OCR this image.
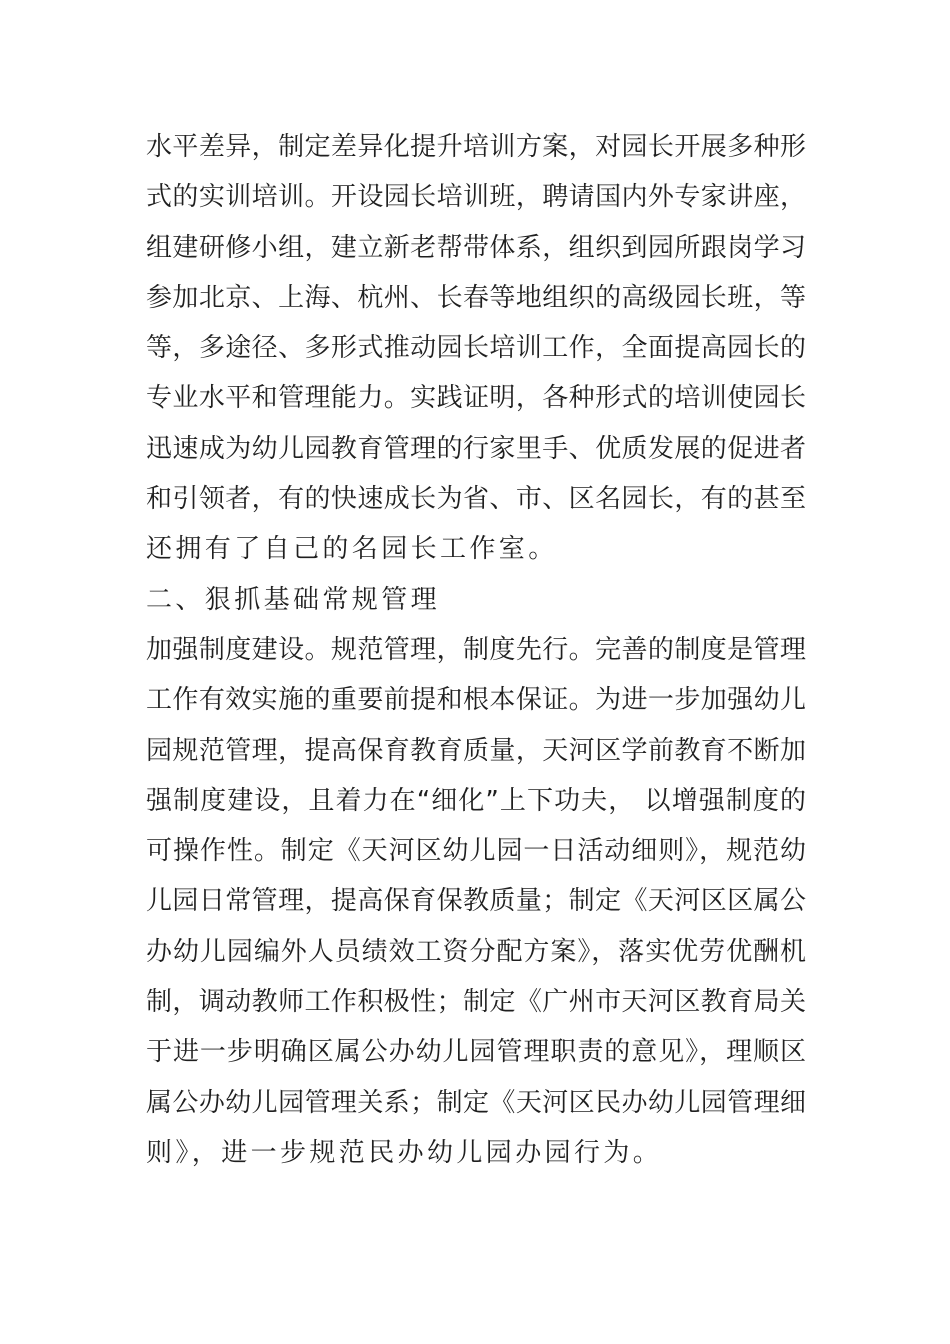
水平差异，制定差异化提升培训方案，对园长开展多种形
式的实训培训。开设园长培训班，聘请国内外专家讲座，
组建研修小组，建立新老帮带体系，组织到园所跟岗学习
参加北京、上海、杭州、长春等地组织的高级园长班，等
等，多途径、多形式推动园长培训工作，全面提高园长的
专业水平和管理能力。实践证明，各种形式的培训使园长
迅速成为幼儿园教育管理的行家里手、优质发展的促进者
和引领者，有的快速成长为省、市、区名园长，有的甚至
还拥有了自己的名园长工作室。
二、狠抓基础常规管理
加强制度建设。规范管理，制度先行。完善的制度是管理
工作有效实施的重要前提和根本保证。为进一步加强幼儿
园规范管理，提高保育教育质量，天河区学前教育不断加
强制度建设，且着力在“细化”上下功夫， 以增强制度的
可操作性。制定《天河区幼儿园一日活动细则》，规范幼
儿园日常管理，提高保育保教质量；制定《天河区区属公
办幼儿园编外人员绩效工资分配方案》，落实优劳优酬机
制，调动教师工作积极性；制定《广州市天河区教育局关
于进一步明确区属公办幼儿园管理职责的意见》，理顺区
属公办幼儿园管理关系；制定《天河区民办幼儿园管理细
则》，进一步规范民办幼儿园办园行为。
